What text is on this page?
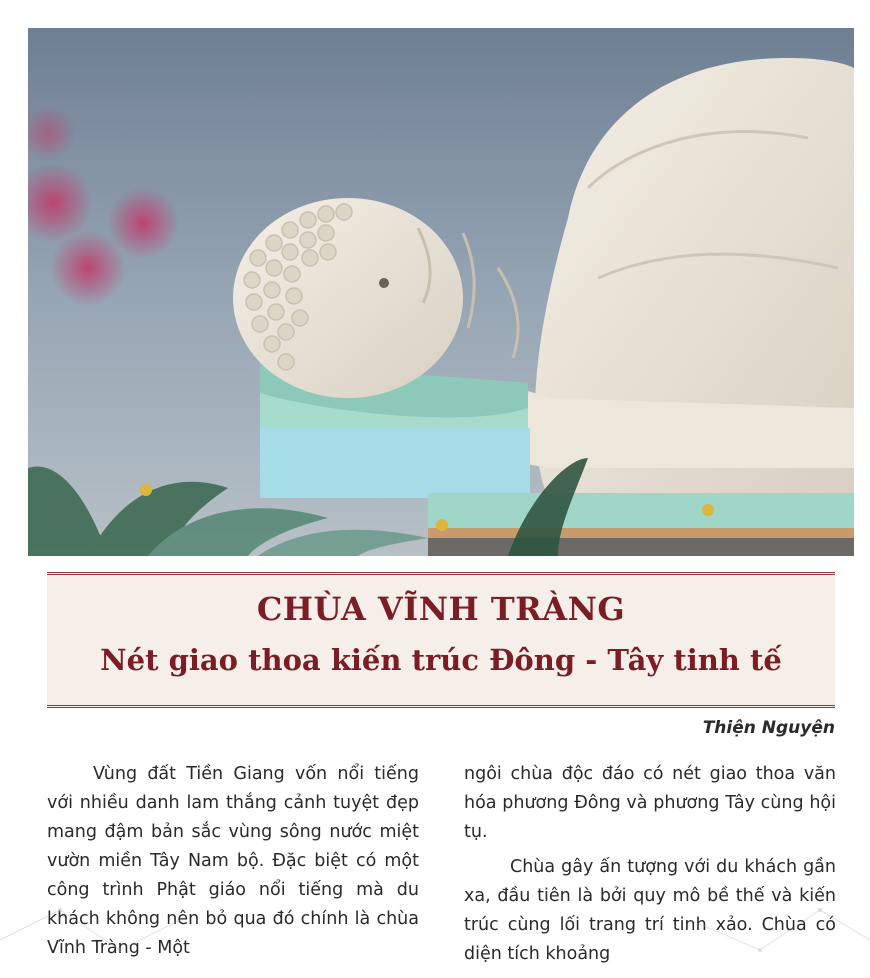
CHÙA VĨNH TRÀNG
Nét giao thoa kiến trúc Đông - Tây tinh tế
Thiện Nguyện

Vùng đất Tiền Giang vốn nổi tiếng với nhiều danh lam thắng cảnh tuyệt đẹp mang đậm bản sắc vùng sông nước miệt vườn miền Tây Nam bộ. Đặc biệt có một công trình Phật giáo nổi tiếng mà du khách không nên bỏ qua đó chính là chùa Vĩnh Tràng - Một

ngôi chùa độc đáo có nét giao thoa văn hóa phương Đông và phương Tây cùng hội tụ.

Chùa gây ấn tượng với du khách gần xa, đầu tiên là bởi quy mô bề thế và kiến trúc cùng lối trang trí tinh xảo. Chùa có diện tích khoảng
